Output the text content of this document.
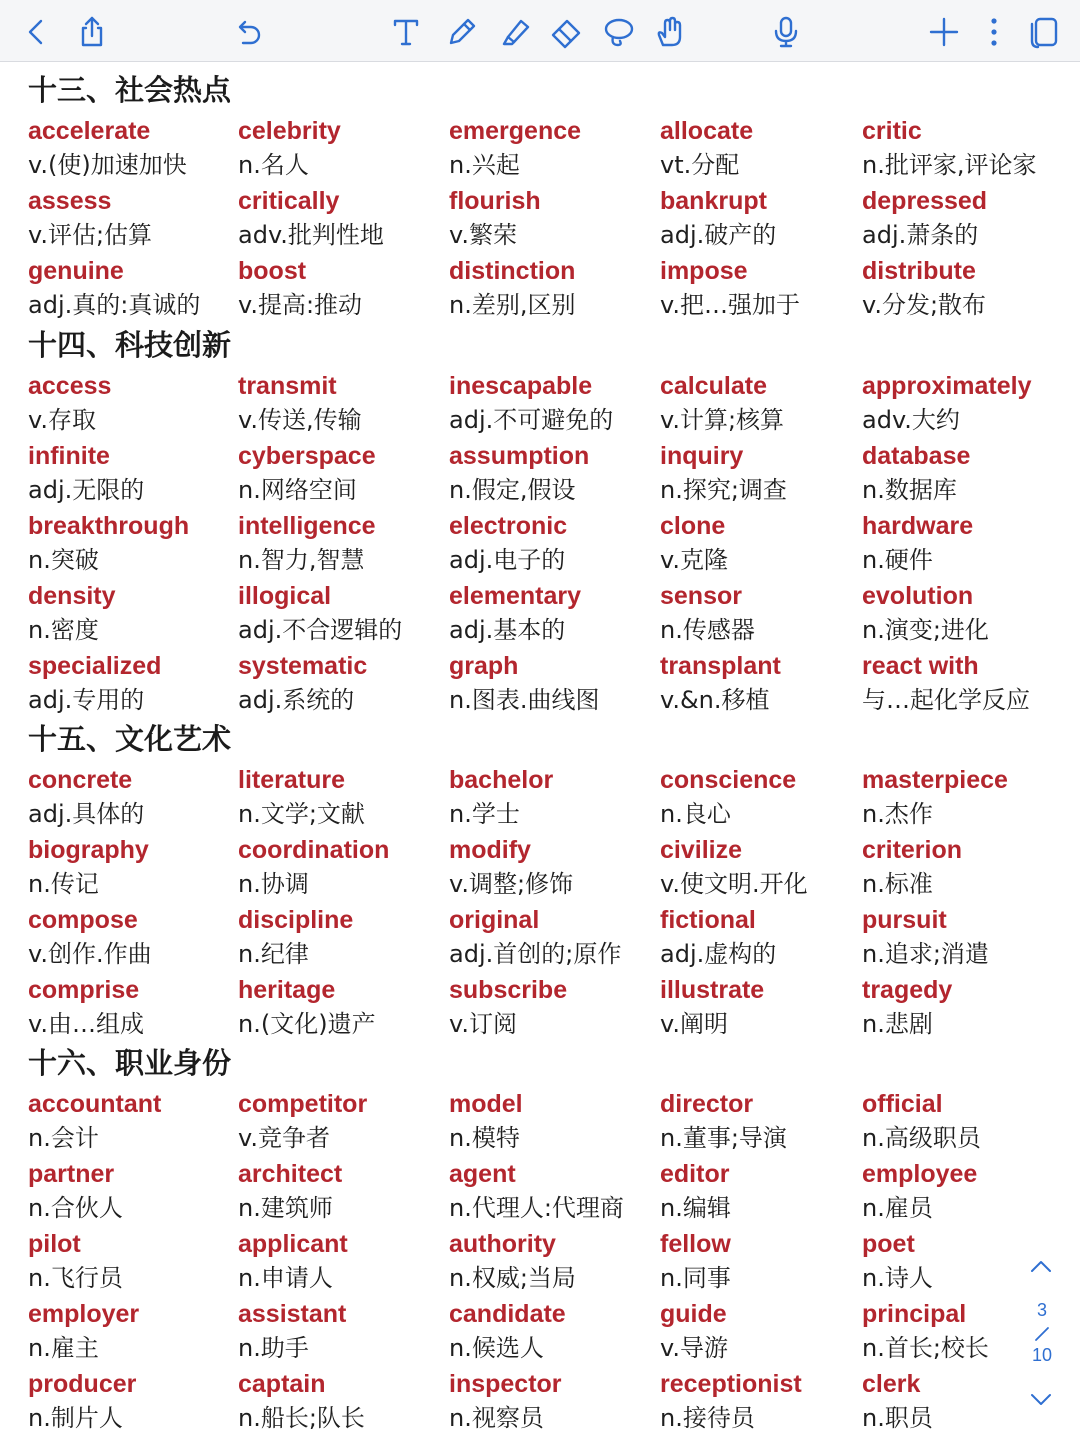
十三、社会热点
accelerate
v.(使)加速加快
celebrity
n.名人
emergence
n.兴起
allocate
vt.分配
critic
n.批评家,评论家
assess
v.评估;估算
critically
adv.批判性地
flourish
v.繁荣
bankrupt
adj.破产的
depressed
adj.萧条的
genuine
adj.真的:真诚的
boost
v.提高:推动
distinction
n.差别,区别
impose
v.把…强加于
distribute
v.分发;散布
十四、科技创新
access
v.存取
transmit
v.传送,传输
inescapable
adj.不可避免的
calculate
v.计算;核算
approximately
adv.大约
infinite
adj.无限的
cyberspace
n.网络空间
assumption
n.假定,假设
inquiry
n.探究;调查
database
n.数据库
breakthrough
n.突破
intelligence
n.智力,智慧
electronic
adj.电子的
clone
v.克隆
hardware
n.硬件
density
n.密度
illogical
adj.不合逻辑的
elementary
adj.基本的
sensor
n.传感器
evolution
n.演变;进化
specialized
adj.专用的
systematic
adj.系统的
graph
n.图表.曲线图
transplant
v.&n.移植
react with
与…起化学反应
十五、文化艺术
concrete
adj.具体的
literature
n.文学;文献
bachelor
n.学士
conscience
n.良心
masterpiece
n.杰作
biography
n.传记
coordination
n.协调
modify
v.调整;修饰
civilize
v.使文明.开化
criterion
n.标准
compose
v.创作.作曲
discipline
n.纪律
original
adj.首创的;原作
fictional
adj.虚构的
pursuit
n.追求;消遣
comprise
v.由…组成
heritage
n.(文化)遗产
subscribe
v.订阅
illustrate
v.阐明
tragedy
n.悲剧
十六、职业身份
accountant
n.会计
competitor
v.竞争者
model
n.模特
director
n.董事;导演
official
n.高级职员
partner
n.合伙人
architect
n.建筑师
agent
n.代理人:代理商
editor
n.编辑
employee
n.雇员
pilot
n.飞行员
applicant
n.申请人
authority
n.权威;当局
fellow
n.同事
poet
n.诗人
employer
n.雇主
assistant
n.助手
candidate
n.候选人
guide
v.导游
principal
n.首长;校长
producer
n.制片人
captain
n.船长;队长
inspector
n.视察员
receptionist
n.接待员
clerk
n.职员
3
10
